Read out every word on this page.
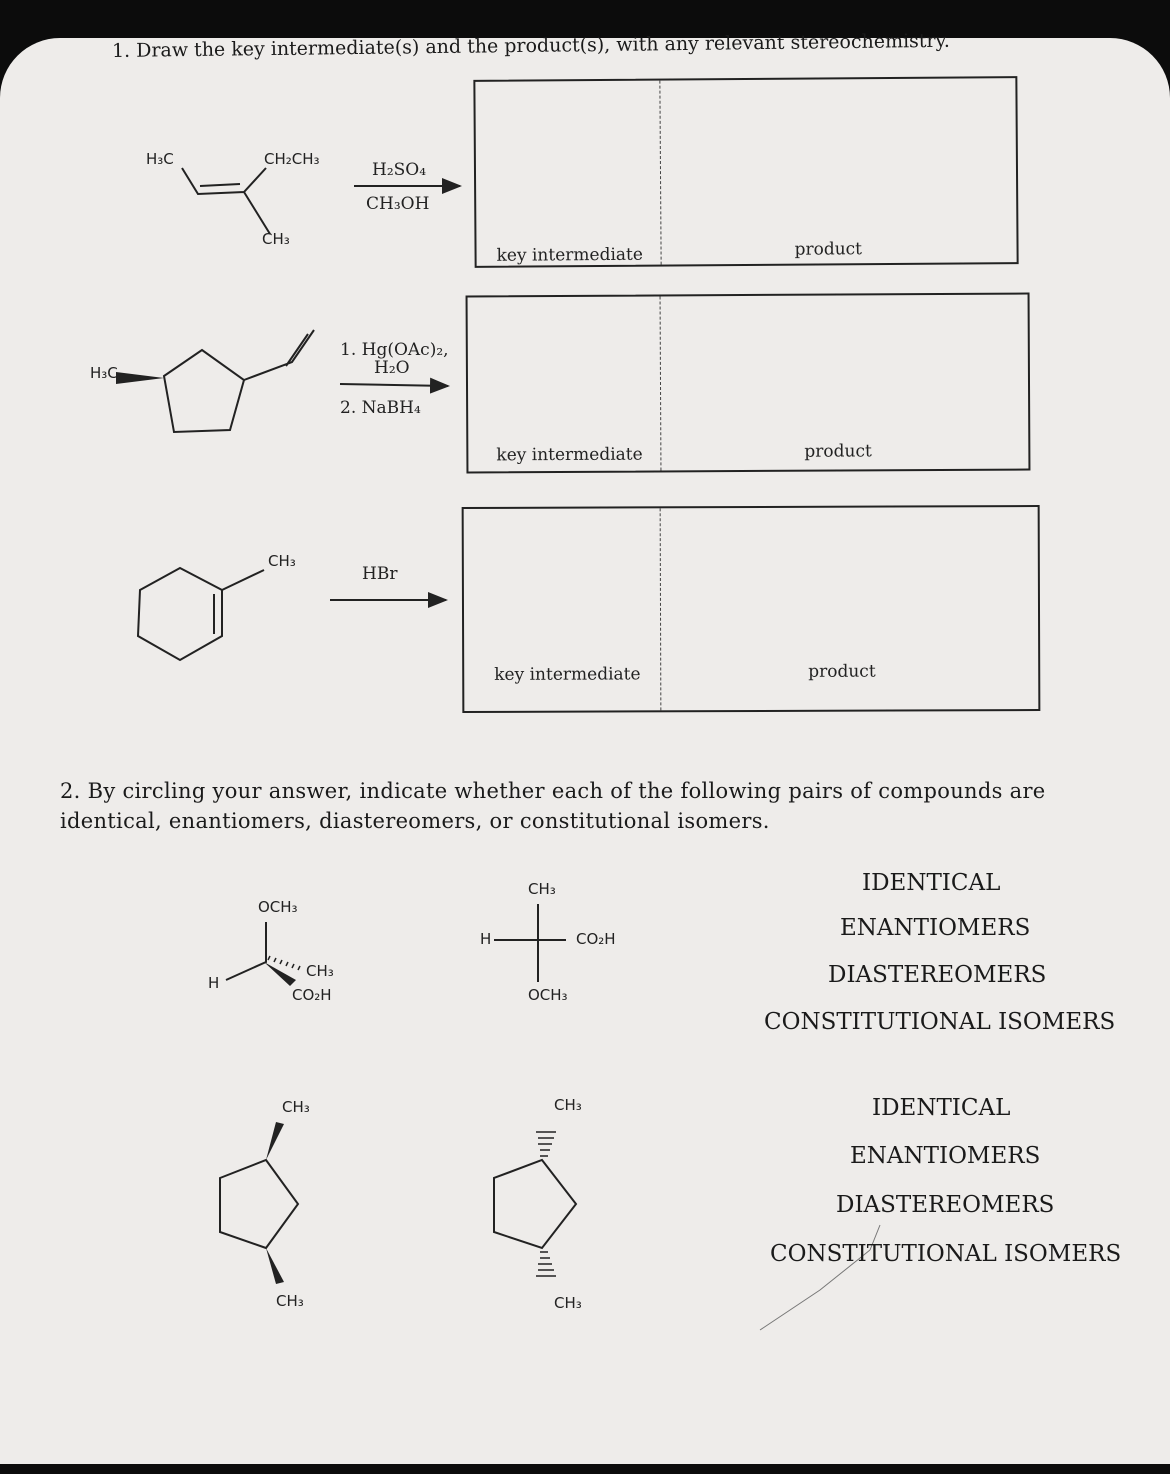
1. Draw the key intermediate(s) and the product(s), with any relevant stereochemistry.
key intermediate	product
key intermediate	product
key intermediate	product
H₃C	CH₂CH₃
CH₃
H₂SO₄
CH₃OH
H₃C
1. Hg(OAc)₂,
H₂O
2. NaBH₄
CH₃
HBr
2. By circling your answer, indicate whether each of the following pairs of compounds are identical, enantiomers, diastereomers, or constitutional isomers.
OCH₃
H
CH₃
CO₂H
CH₃
H	CO₂H
OCH₃
CH₃
CH₃
CH₃
CH₃
IDENTICAL
ENANTIOMERS
DIASTEREOMERS
CONSTITUTIONAL ISOMERS
IDENTICAL
ENANTIOMERS
DIASTEREOMERS
CONSTITUTIONAL ISOMERS
